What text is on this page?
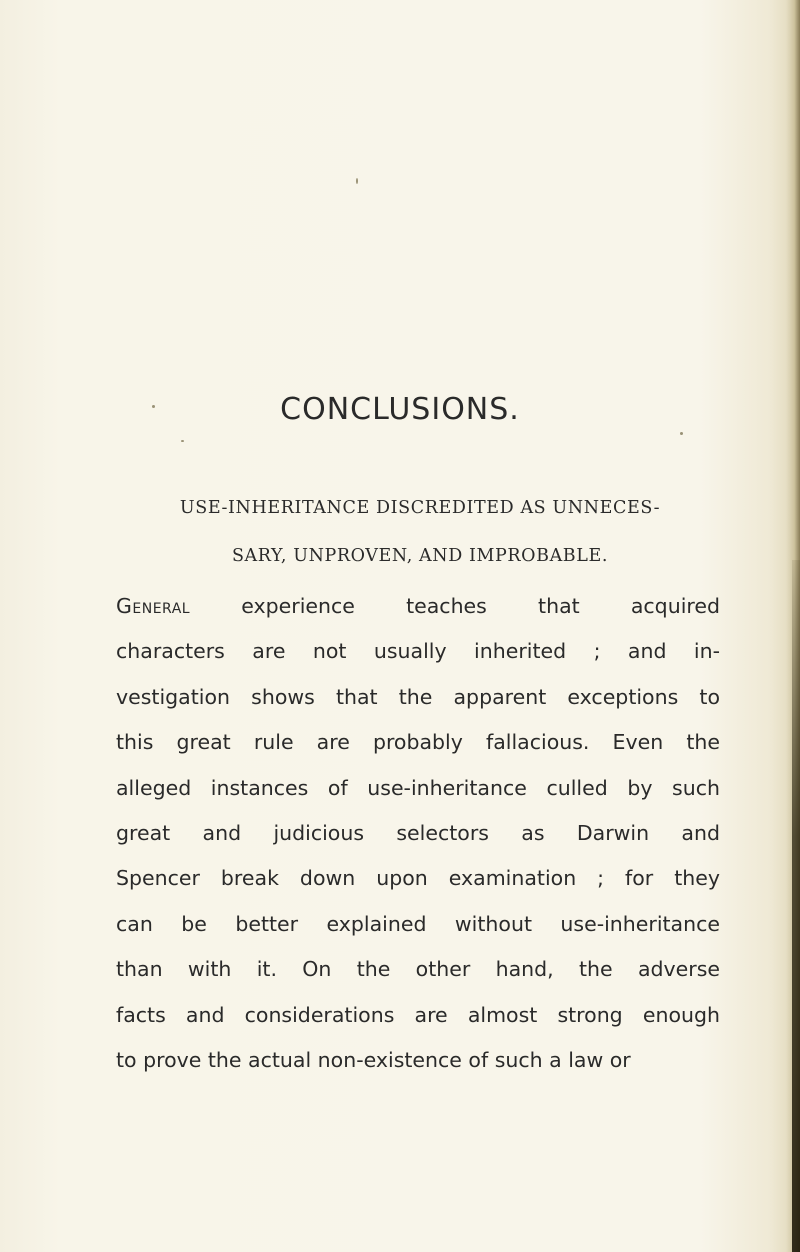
CONCLUSIONS.
USE-INHERITANCE DISCREDITED AS UNNECES-
SARY, UNPROVEN, AND IMPROBABLE.
General experience teaches that acquired
characters are not usually inherited ; and in-
vestigation shows that the apparent exceptions to
this great rule are probably fallacious. Even the
alleged instances of use-inheritance culled by such
great and judicious selectors as Darwin and
Spencer break down upon examination ; for they
can be better explained without use-inheritance
than with it. On the other hand, the adverse
facts and considerations are almost strong enough
to prove the actual non-existence of such a law or
